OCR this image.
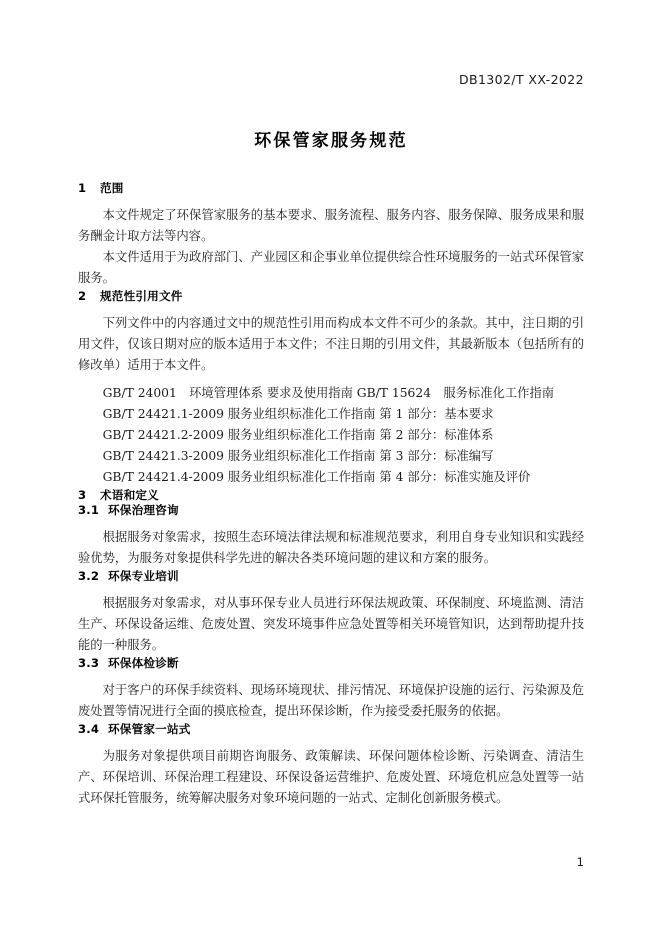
DB1302/T XX-2022
环保管家服务规范
1 范围

本文件规定了环保管家服务的基本要求、服务流程、服务内容、服务保障、服务成果和服务酬金计取方法等内容。

本文件适用于为政府部门、产业园区和企事业单位提供综合性环境服务的一站式环保管家服务。

2 规范性引用文件

下列文件中的内容通过文中的规范性引用而构成本文件不可少的条款。其中，注日期的引用文件，仅该日期对应的版本适用于本文件；不注日期的引用文件，其最新版本（包括所有的修改单）适用于本文件。

GB/T 24001　环境管理体系 要求及使用指南 GB/T 15624　服务标准化工作指南
GB/T 24421.1-2009 服务业组织标准化工作指南 第 1 部分：基本要求
GB/T 24421.2-2009 服务业组织标准化工作指南 第 2 部分：标准体系
GB/T 24421.3-2009 服务业组织标准化工作指南 第 3 部分：标准编写
GB/T 24421.4-2009 服务业组织标准化工作指南 第 4 部分：标准实施及评价
3 术语和定义
3.1 环保治理咨询

根据服务对象需求，按照生态环境法律法规和标准规范要求，利用自身专业知识和实践经验优势，为服务对象提供科学先进的解决各类环境问题的建议和方案的服务。

3.2 环保专业培训

根据服务对象需求，对从事环保专业人员进行环保法规政策、环保制度、环境监测、清洁生产、环保设备运维、危废处置、突发环境事件应急处置等相关环境管知识，达到帮助提升技能的一种服务。

3.3 环保体检诊断

对于客户的环保手续资料、现场环境现状、排污情况、环境保护设施的运行、污染源及危废处置等情况进行全面的摸底检查，提出环保诊断，作为接受委托服务的依据。

3.4 环保管家一站式

为服务对象提供项目前期咨询服务、政策解读、环保问题体检诊断、污染调查、清洁生产、环保培训、环保治理工程建设、环保设备运营维护、危废处置、环境危机应急处置等一站式环保托管服务，统筹解决服务对象环境问题的一站式、定制化创新服务模式。

1
